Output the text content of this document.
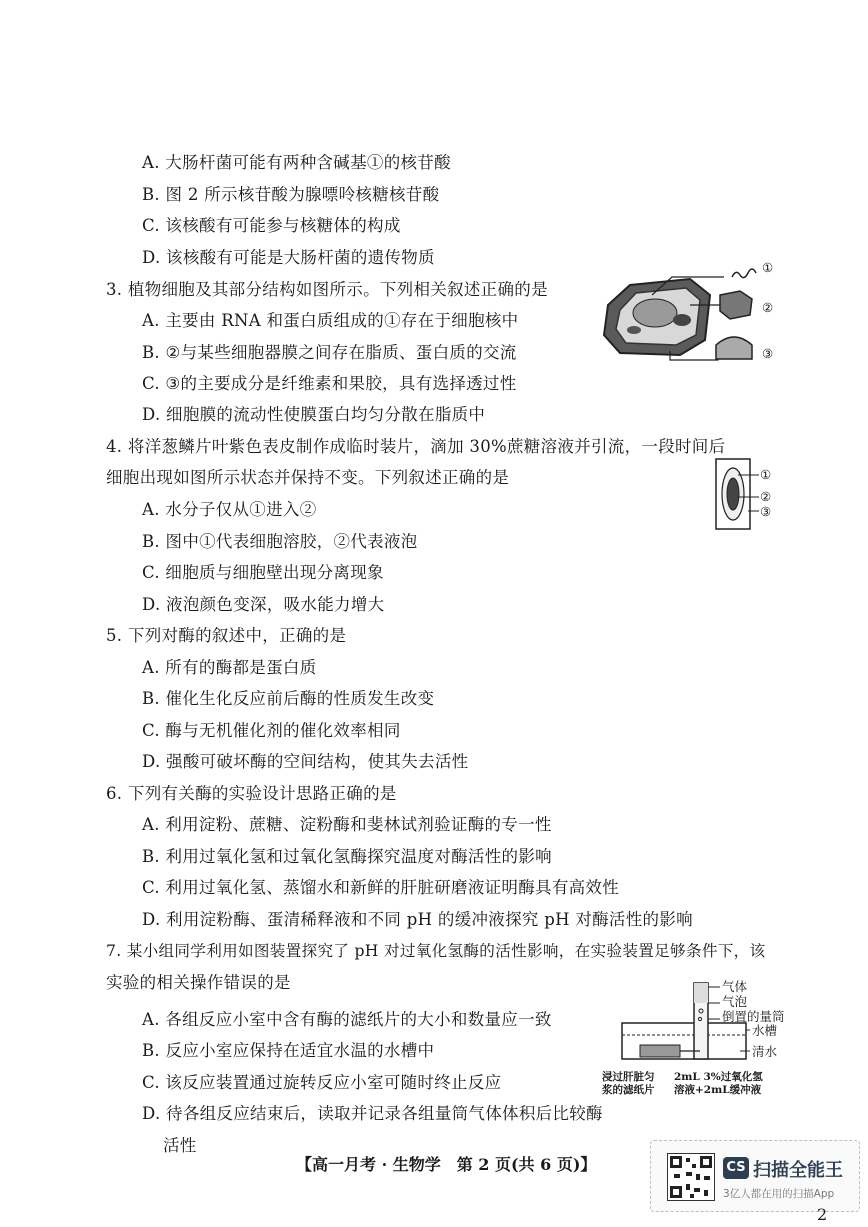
A. 大肠杆菌可能有两种含碱基①的核苷酸
B. 图 2 所示核苷酸为腺嘌呤核糖核苷酸
C. 该核酸有可能参与核糖体的构成
D. 该核酸有可能是大肠杆菌的遗传物质
3. 植物细胞及其部分结构如图所示。下列相关叙述正确的是
A. 主要由 RNA 和蛋白质组成的①存在于细胞核中
B. ②与某些细胞器膜之间存在脂质、蛋白质的交流
C. ③的主要成分是纤维素和果胶，具有选择透过性
D. 细胞膜的流动性使膜蛋白均匀分散在脂质中
4. 将洋葱鳞片叶紫色表皮制作成临时装片，滴加 30%蔗糖溶液并引流，一段时间后
细胞出现如图所示状态并保持不变。下列叙述正确的是
A. 水分子仅从①进入②
B. 图中①代表细胞溶胶，②代表液泡
C. 细胞质与细胞壁出现分离现象
D. 液泡颜色变深，吸水能力增大
5. 下列对酶的叙述中，正确的是
A. 所有的酶都是蛋白质
B. 催化生化反应前后酶的性质发生改变
C. 酶与无机催化剂的催化效率相同
D. 强酸可破坏酶的空间结构，使其失去活性
6. 下列有关酶的实验设计思路正确的是
A. 利用淀粉、蔗糖、淀粉酶和斐林试剂验证酶的专一性
B. 利用过氧化氢和过氧化氢酶探究温度对酶活性的影响
C. 利用过氧化氢、蒸馏水和新鲜的肝脏研磨液证明酶具有高效性
D. 利用淀粉酶、蛋清稀释液和不同 pH 的缓冲液探究 pH 对酶活性的影响
7. 某小组同学利用如图装置探究了 pH 对过氧化氢酶的活性影响，在实验装置足够条件下，该
实验的相关操作错误的是
A. 各组反应小室中含有酶的滤纸片的大小和数量应一致
B. 反应小室应保持在适宜水温的水槽中
C. 该反应装置通过旋转反应小室可随时终止反应
D. 待各组反应结束后，读取并记录各组量筒气体体积后比较酶
活性
①
②
③
①
②
③
气体
气泡
倒置的量筒
水槽
清水
浸过肝脏匀
浆的滤纸片
2mL 3%过氧化氢
溶液+2mL缓冲液
【高一月考 · 生物学　第 2 页(共 6 页)】	CS 扫描全能王
3亿人都在用的扫描App
2
